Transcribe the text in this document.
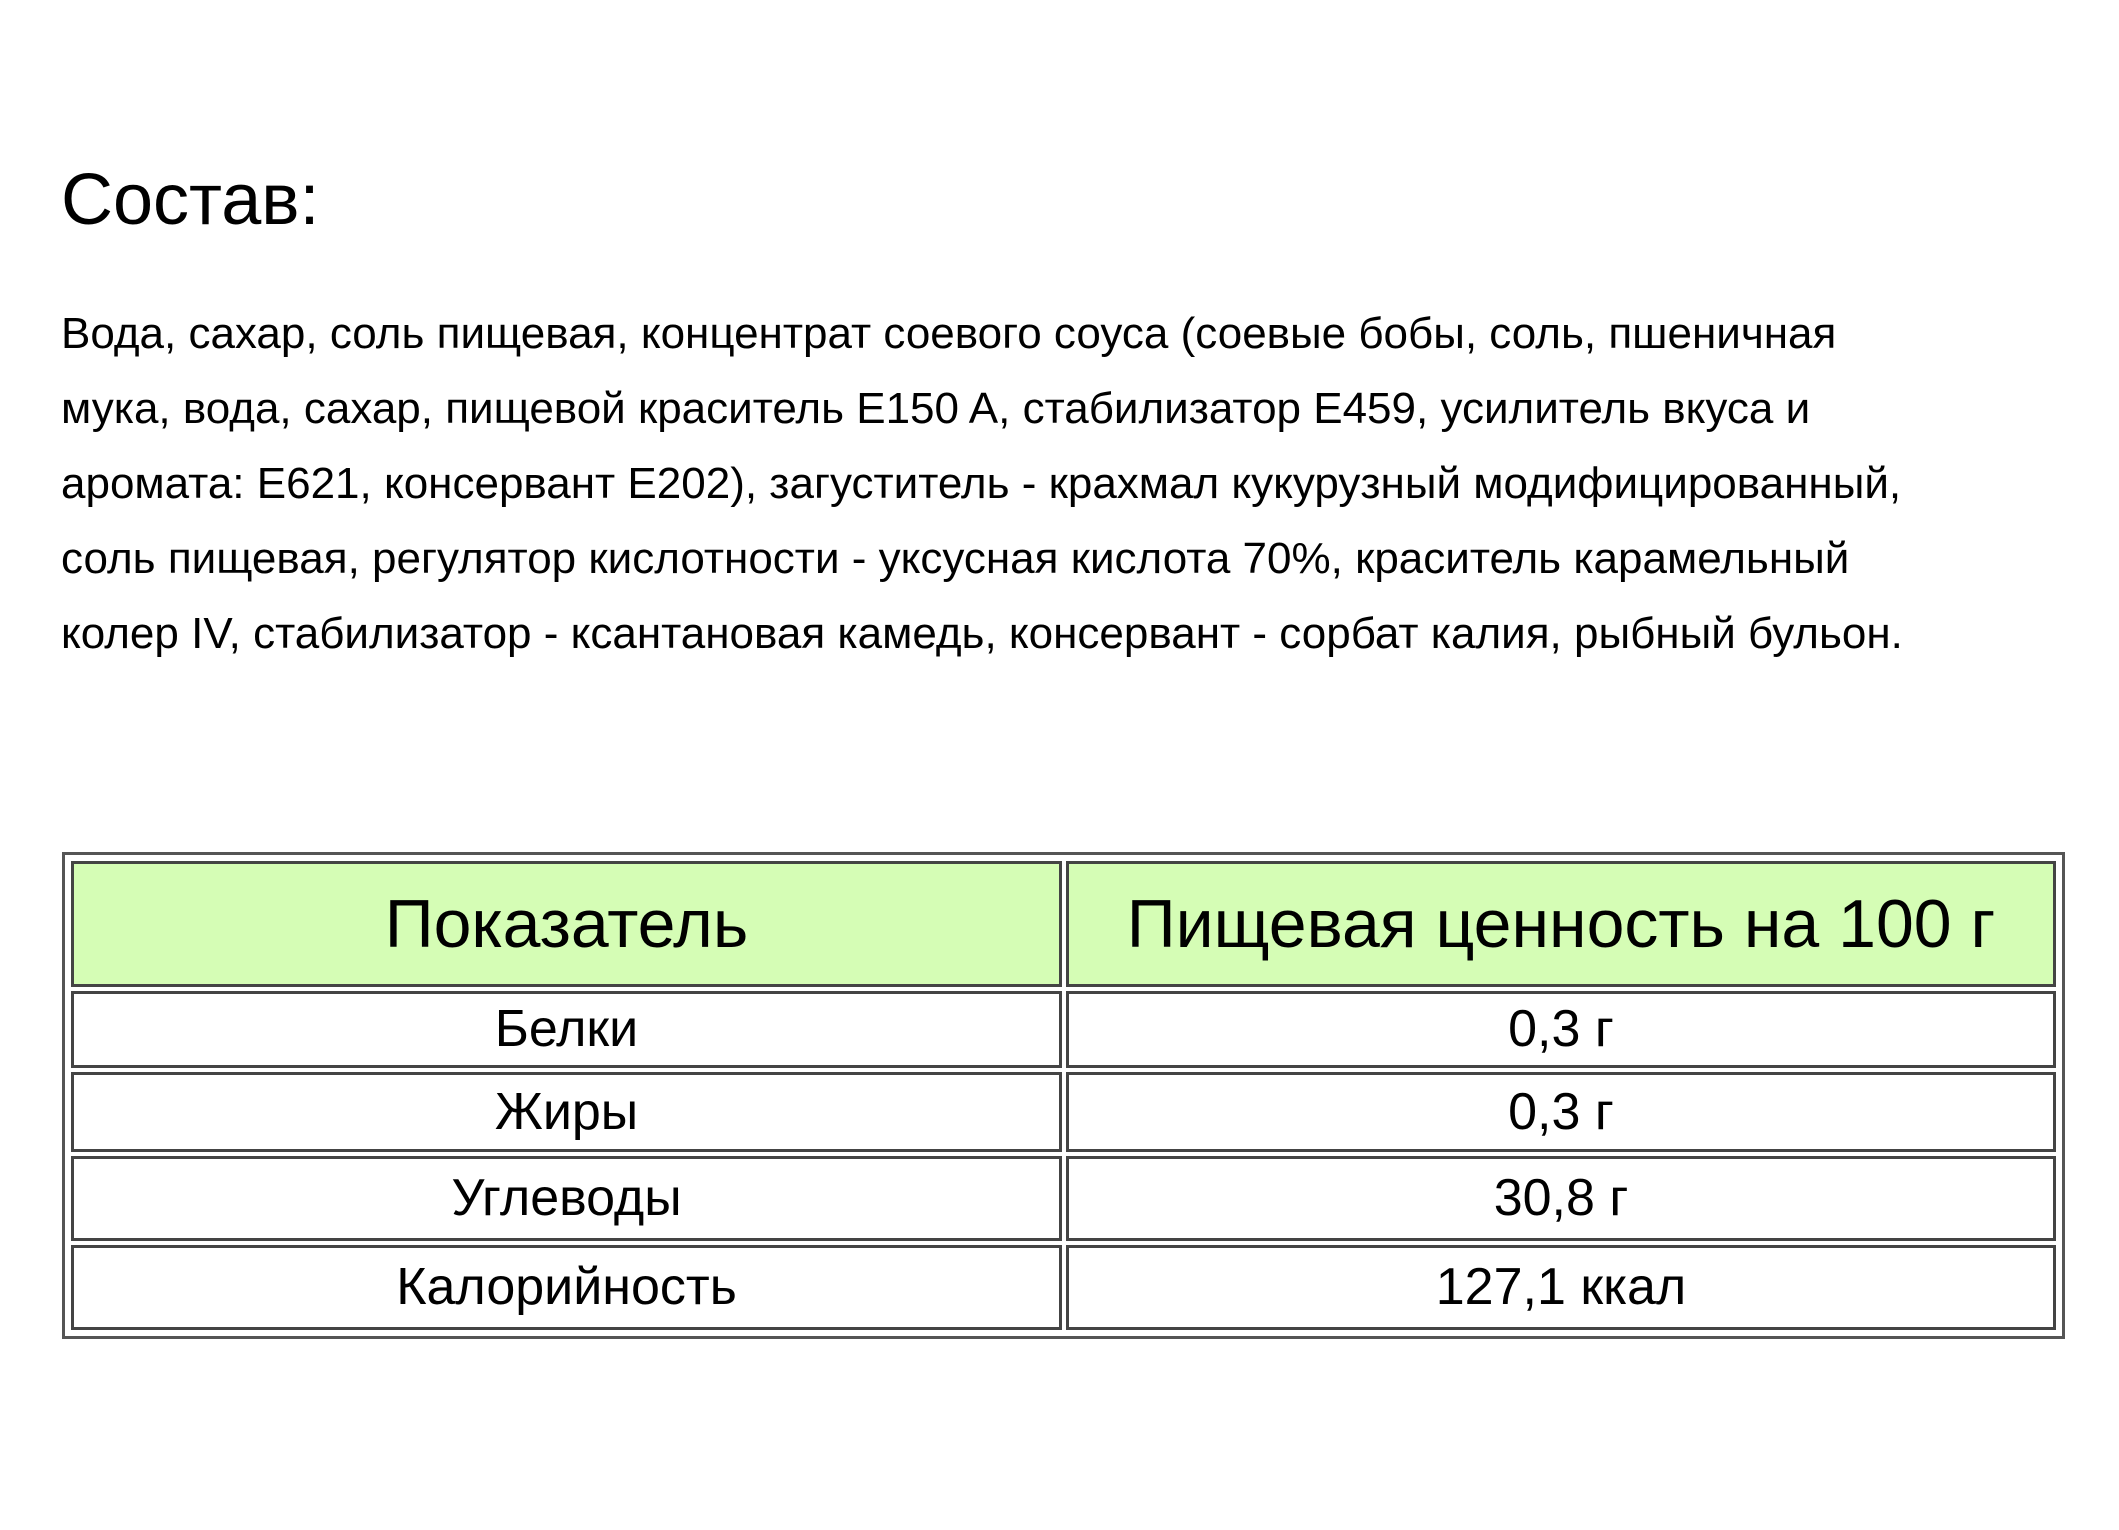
Состав:
Вода, сахар, соль пищевая, концентрат соевого соуса (соевые бобы, соль, пшеничная
мука, вода, сахар, пищевой краситель E150 A, стабилизатор E459, усилитель вкуса и
аромата: E621, консервант E202), загуститель - крахмал кукурузный модифицированный,
соль пищевая, регулятор кислотности - уксусная кислота 70%, краситель карамельный
колер IV, стабилизатор - ксантановая камедь, консервант - сорбат калия, рыбный бульон.
Показатель	Пищевая ценность на 100 г
Белки	0,3 г
Жиры	0,3 г
Углеводы	30,8 г
Калорийность	127,1 ккал
